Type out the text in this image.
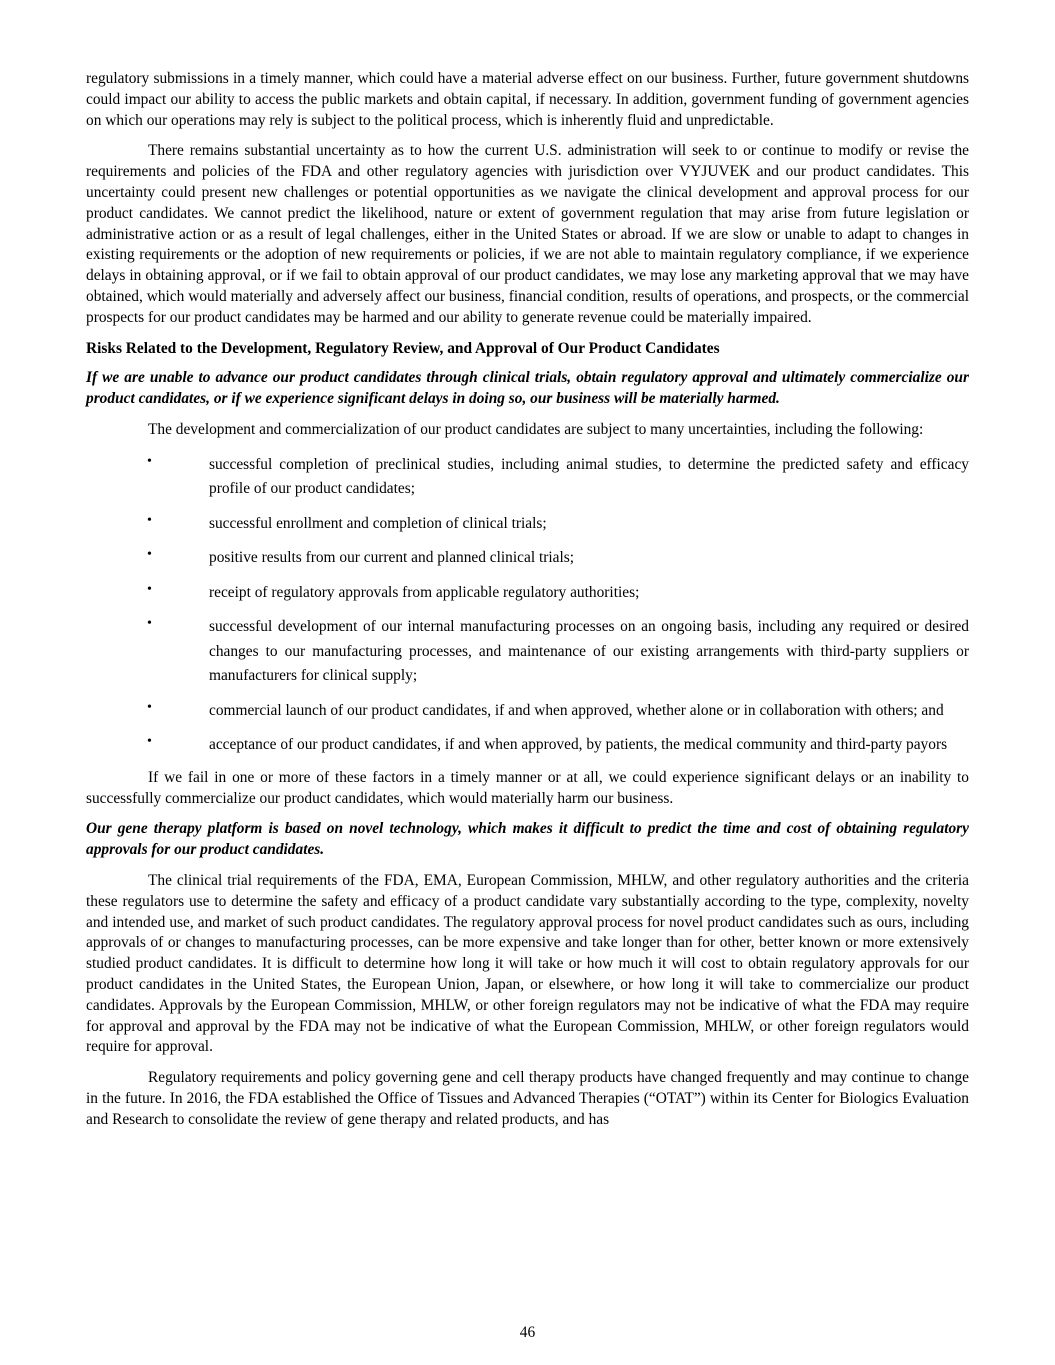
regulatory submissions in a timely manner, which could have a material adverse effect on our business. Further, future government shutdowns could impact our ability to access the public markets and obtain capital, if necessary. In addition, government funding of government agencies on which our operations may rely is subject to the political process, which is inherently fluid and unpredictable.

There remains substantial uncertainty as to how the current U.S. administration will seek to or continue to modify or revise the requirements and policies of the FDA and other regulatory agencies with jurisdiction over VYJUVEK and our product candidates. This uncertainty could present new challenges or potential opportunities as we navigate the clinical development and approval process for our product candidates. We cannot predict the likelihood, nature or extent of government regulation that may arise from future legislation or administrative action or as a result of legal challenges, either in the United States or abroad. If we are slow or unable to adapt to changes in existing requirements or the adoption of new requirements or policies, if we are not able to maintain regulatory compliance, if we experience delays in obtaining approval, or if we fail to obtain approval of our product candidates, we may lose any marketing approval that we may have obtained, which would materially and adversely affect our business, financial condition, results of operations, and prospects, or the commercial prospects for our product candidates may be harmed and our ability to generate revenue could be materially impaired.

Risks Related to the Development, Regulatory Review, and Approval of Our Product Candidates

If we are unable to advance our product candidates through clinical trials, obtain regulatory approval and ultimately commercialize our product candidates, or if we experience significant delays in doing so, our business will be materially harmed.

The development and commercialization of our product candidates are subject to many uncertainties, including the following:

•	successful completion of preclinical studies, including animal studies, to determine the predicted safety and efficacy profile of our product candidates;
•	successful enrollment and completion of clinical trials;
•	positive results from our current and planned clinical trials;
•	receipt of regulatory approvals from applicable regulatory authorities;
•	successful development of our internal manufacturing processes on an ongoing basis, including any required or desired changes to our manufacturing processes, and maintenance of our existing arrangements with third-party suppliers or manufacturers for clinical supply;
•	commercial launch of our product candidates, if and when approved, whether alone or in collaboration with others; and
•	acceptance of our product candidates, if and when approved, by patients, the medical community and third-party payors

If we fail in one or more of these factors in a timely manner or at all, we could experience significant delays or an inability to successfully commercialize our product candidates, which would materially harm our business.

Our gene therapy platform is based on novel technology, which makes it difficult to predict the time and cost of obtaining regulatory approvals for our product candidates.

The clinical trial requirements of the FDA, EMA, European Commission, MHLW, and other regulatory authorities and the criteria these regulators use to determine the safety and efficacy of a product candidate vary substantially according to the type, complexity, novelty and intended use, and market of such product candidates. The regulatory approval process for novel product candidates such as ours, including approvals of or changes to manufacturing processes, can be more expensive and take longer than for other, better known or more extensively studied product candidates. It is difficult to determine how long it will take or how much it will cost to obtain regulatory approvals for our product candidates in the United States, the European Union, Japan, or elsewhere, or how long it will take to commercialize our product candidates. Approvals by the European Commission, MHLW, or other foreign regulators may not be indicative of what the FDA may require for approval and approval by the FDA may not be indicative of what the European Commission, MHLW, or other foreign regulators would require for approval.

Regulatory requirements and policy governing gene and cell therapy products have changed frequently and may continue to change in the future. In 2016, the FDA established the Office of Tissues and Advanced Therapies (“OTAT”) within its Center for Biologics Evaluation and Research to consolidate the review of gene therapy and related products, and has

46
